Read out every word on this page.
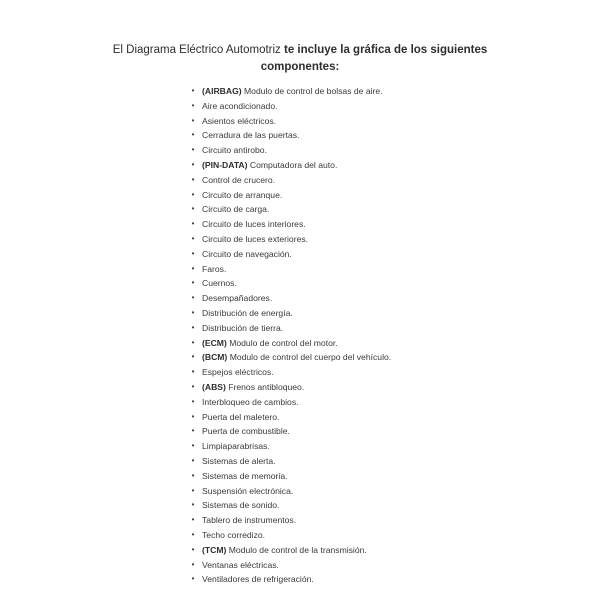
El Diagrama Eléctrico Automotriz te incluye la gráfica de los siguientes
componentes:
• (AIRBAG) Modulo de control de bolsas de aire.
• Aire acondicionado.
• Asientos eléctricos.
• Cerradura de las puertas.
• Circuito antirobo.
• (PIN-DATA) Computadora del auto.
• Control de crucero.
• Circuito de arranque.
• Circuito de carga.
• Circuito de luces interiores.
• Circuito de luces exteriores.
• Circuito de navegación.
• Faros.
• Cuernos.
• Desempañadores.
• Distribución de energía.
• Distribución de tierra.
• (ECM) Modulo de control del motor.
• (BCM) Modulo de control del cuerpo del vehículo.
• Espejos eléctricos.
• (ABS) Frenos antibloqueo.
• Interbloqueo de cambios.
• Puerta del maletero.
• Puerta de combustible.
• Limpiaparabrisas.
• Sistemas de alerta.
• Sistemas de memoria.
• Suspensión electrónica.
• Sistemas de sonido.
• Tablero de instrumentos.
• Techo corredizo.
• (TCM) Modulo de control de la transmisión.
• Ventanas eléctricas.
• Ventiladores de refrigeración.
